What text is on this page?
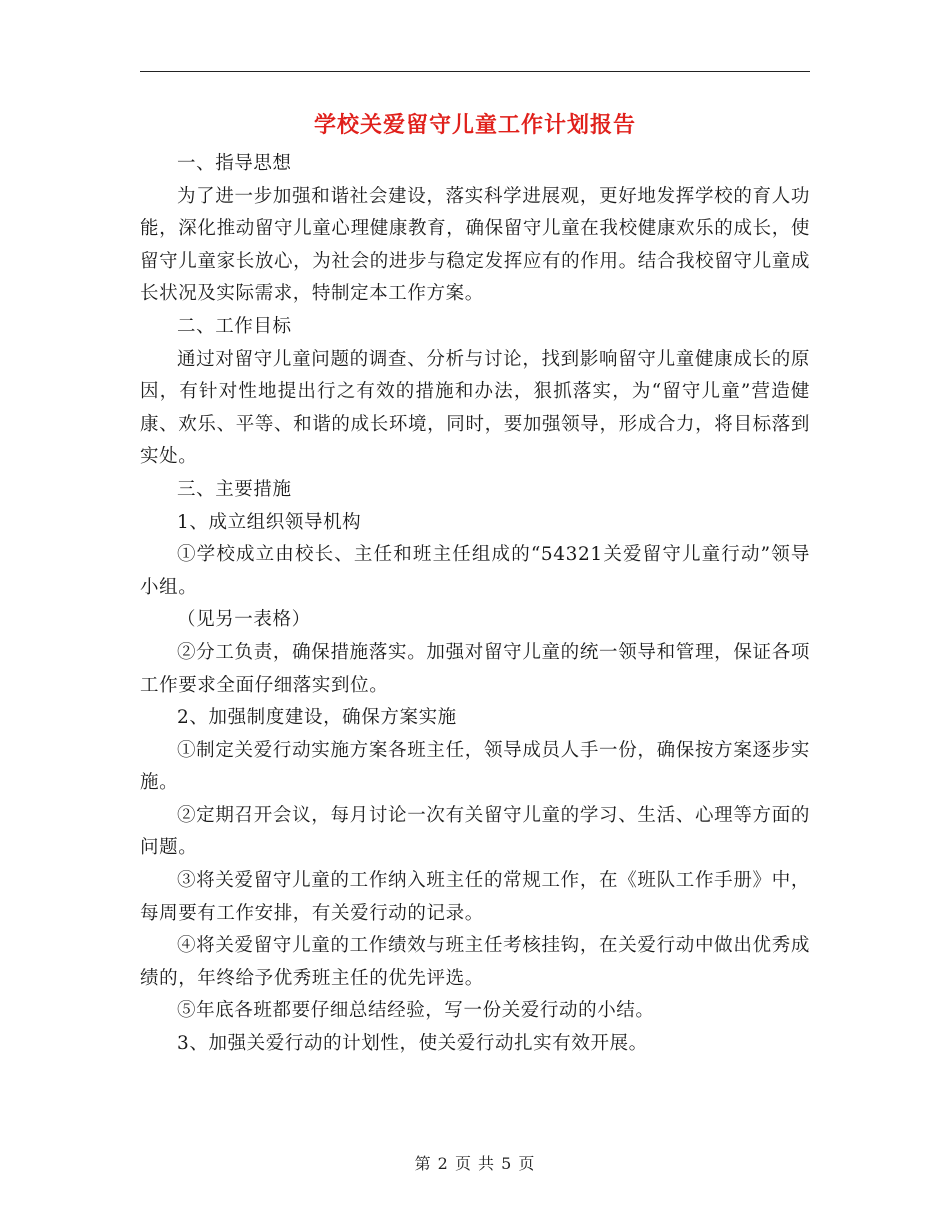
学校关爱留守儿童工作计划报告

一、指导思想

为了进一步加强和谐社会建设，落实科学进展观，更好地发挥学校的育人功能，深化推动留守儿童心理健康教育，确保留守儿童在我校健康欢乐的成长，使留守儿童家长放心，为社会的进步与稳定发挥应有的作用。结合我校留守儿童成长状况及实际需求，特制定本工作方案。

二、工作目标

通过对留守儿童问题的调查、分析与讨论，找到影响留守儿童健康成长的原因，有针对性地提出行之有效的措施和办法，狠抓落实，为“留守儿童”营造健康、欢乐、平等、和谐的成长环境，同时，要加强领导，形成合力，将目标落到实处。

三、主要措施

1、成立组织领导机构

①学校成立由校长、主任和班主任组成的“54321关爱留守儿童行动”领导小组。

（见另一表格）

②分工负责，确保措施落实。加强对留守儿童的统一领导和管理，保证各项工作要求全面仔细落实到位。

2、加强制度建设，确保方案实施

①制定关爱行动实施方案各班主任，领导成员人手一份，确保按方案逐步实施。

②定期召开会议，每月讨论一次有关留守儿童的学习、生活、心理等方面的问题。

③将关爱留守儿童的工作纳入班主任的常规工作，在《班队工作手册》中，每周要有工作安排，有关爱行动的记录。

④将关爱留守儿童的工作绩效与班主任考核挂钩，在关爱行动中做出优秀成绩的，年终给予优秀班主任的优先评选。

⑤年底各班都要仔细总结经验，写一份关爱行动的小结。

3、加强关爱行动的计划性，使关爱行动扎实有效开展。

第 2 页 共 5 页
